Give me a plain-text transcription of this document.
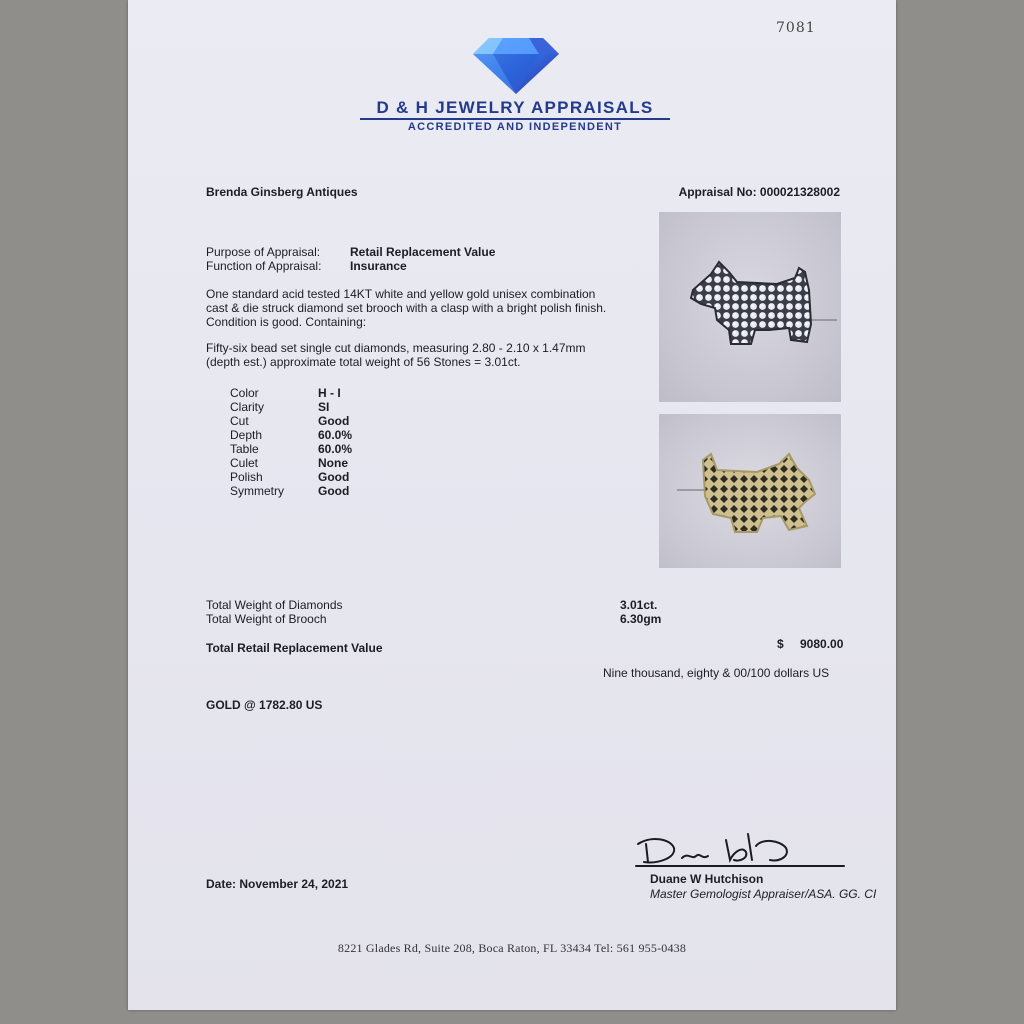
7081
D & H JEWELRY APPRAISALS
ACCREDITED AND INDEPENDENT
Brenda Ginsberg Antiques	Appraisal No: 000021328002
Purpose of Appraisal: Retail Replacement Value
Function of Appraisal: Insurance
One standard acid tested 14KT white and yellow gold unisex combination
cast & die struck diamond set brooch with a clasp with a bright polish finish.
Condition is good. Containing:
Fifty-six bead set single cut diamonds, measuring 2.80 - 2.10 x 1.47mm
(depth est.) approximate total weight of 56 Stones = 3.01ct.
Color	H - I
Clarity	SI
Cut	Good
Depth	60.0%
Table	60.0%
Culet	None
Polish	Good
Symmetry	Good
Total Weight of Diamonds	3.01ct.
Total Weight of Brooch	6.30gm
Total Retail Replacement Value	$ 9080.00
Nine thousand, eighty & 00/100 dollars US
GOLD @ 1782.80 US
Date: November 24, 2021	Duane W Hutchison
Master Gemologist Appraiser/ASA. GG. CI
8221 Glades Rd, Suite 208, Boca Raton, FL 33434 Tel: 561 955-0438
